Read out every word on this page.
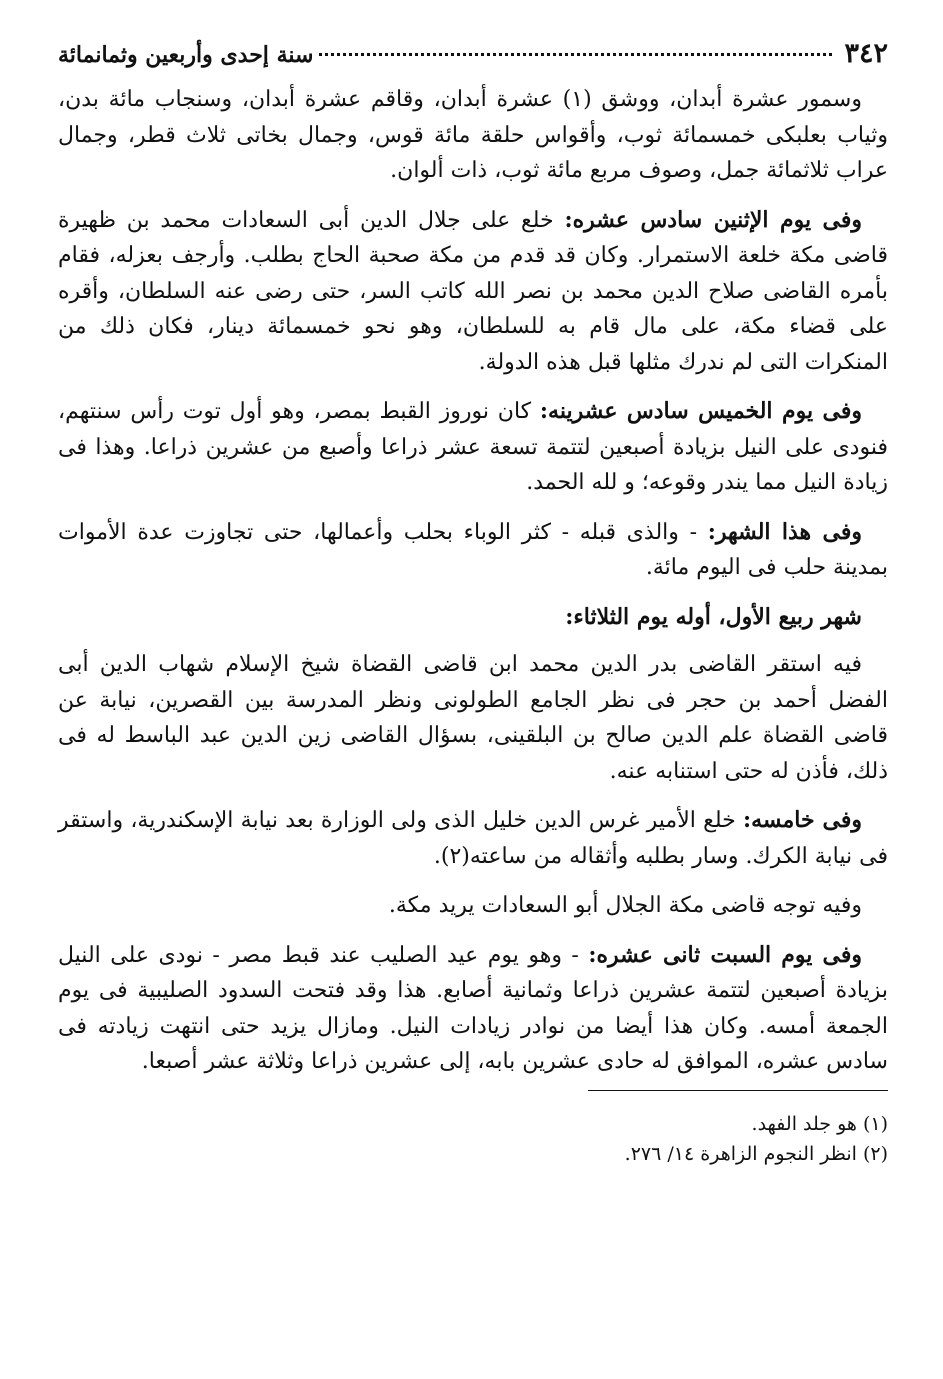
٣٤٢
سنة إحدى وأربعين وثمانمائة

وسمور عشرة أبدان، ووشق (١) عشرة أبدان، وقاقم عشرة أبدان، وسنجاب مائة بدن، وثياب بعلبكى خمسمائة ثوب، وأقواس حلقة مائة قوس، وجمال بخاتى ثلاث قطر، وجمال عراب ثلاثمائة جمل، وصوف مربع مائة ثوب، ذات ألوان.

وفى يوم الإثنين سادس عشره: خلع على جلال الدين أبى السعادات محمد بن ظهيرة قاضى مكة خلعة الاستمرار. وكان قد قدم من مكة صحبة الحاج بطلب. وأرجف بعزله، فقام بأمره القاضى صلاح الدين محمد بن نصر الله كاتب السر، حتى رضى عنه السلطان، وأقره على قضاء مكة، على مال قام به للسلطان، وهو نحو خمسمائة دينار، فكان ذلك من المنكرات التى لم ندرك مثلها قبل هذه الدولة.

وفى يوم الخميس سادس عشرينه: كان نوروز القبط بمصر، وهو أول توت رأس سنتهم، فنودى على النيل بزيادة أصبعين لتتمة تسعة عشر ذراعا وأصبع من عشرين ذراعا. وهذا فى زيادة النيل مما يندر وقوعه؛ و لله الحمد.

وفى هذا الشهر: - والذى قبله - كثر الوباء بحلب وأعمالها، حتى تجاوزت عدة الأموات بمدينة حلب فى اليوم مائة.

شهر ربيع الأول، أوله يوم الثلاثاء:

فيه استقر القاضى بدر الدين محمد ابن قاضى القضاة شيخ الإسلام شهاب الدين أبى الفضل أحمد بن حجر فى نظر الجامع الطولونى ونظر المدرسة بين القصرين، نيابة عن قاضى القضاة علم الدين صالح بن البلقينى، بسؤال القاضى زين الدين عبد الباسط له فى ذلك، فأذن له حتى استنابه عنه.

وفى خامسه: خلع الأمير غرس الدين خليل الذى ولى الوزارة بعد نيابة الإسكندرية، واستقر فى نيابة الكرك. وسار بطلبه وأثقاله من ساعته(٢).

وفيه توجه قاضى مكة الجلال أبو السعادات يريد مكة.

وفى يوم السبت ثانى عشره: - وهو يوم عيد الصليب عند قبط مصر - نودى على النيل بزيادة أصبعين لتتمة عشرين ذراعا وثمانية أصابع. هذا وقد فتحت السدود الصليبية فى يوم الجمعة أمسه. وكان هذا أيضا من نوادر زيادات النيل. ومازال يزيد حتى انتهت زيادته فى سادس عشره، الموافق له حادى عشرين بابه، إلى عشرين ذراعا وثلاثة عشر أصبعا.

(١) هو جلد الفهد.

(٢) انظر النجوم الزاهرة ١٤/ ٢٧٦.
